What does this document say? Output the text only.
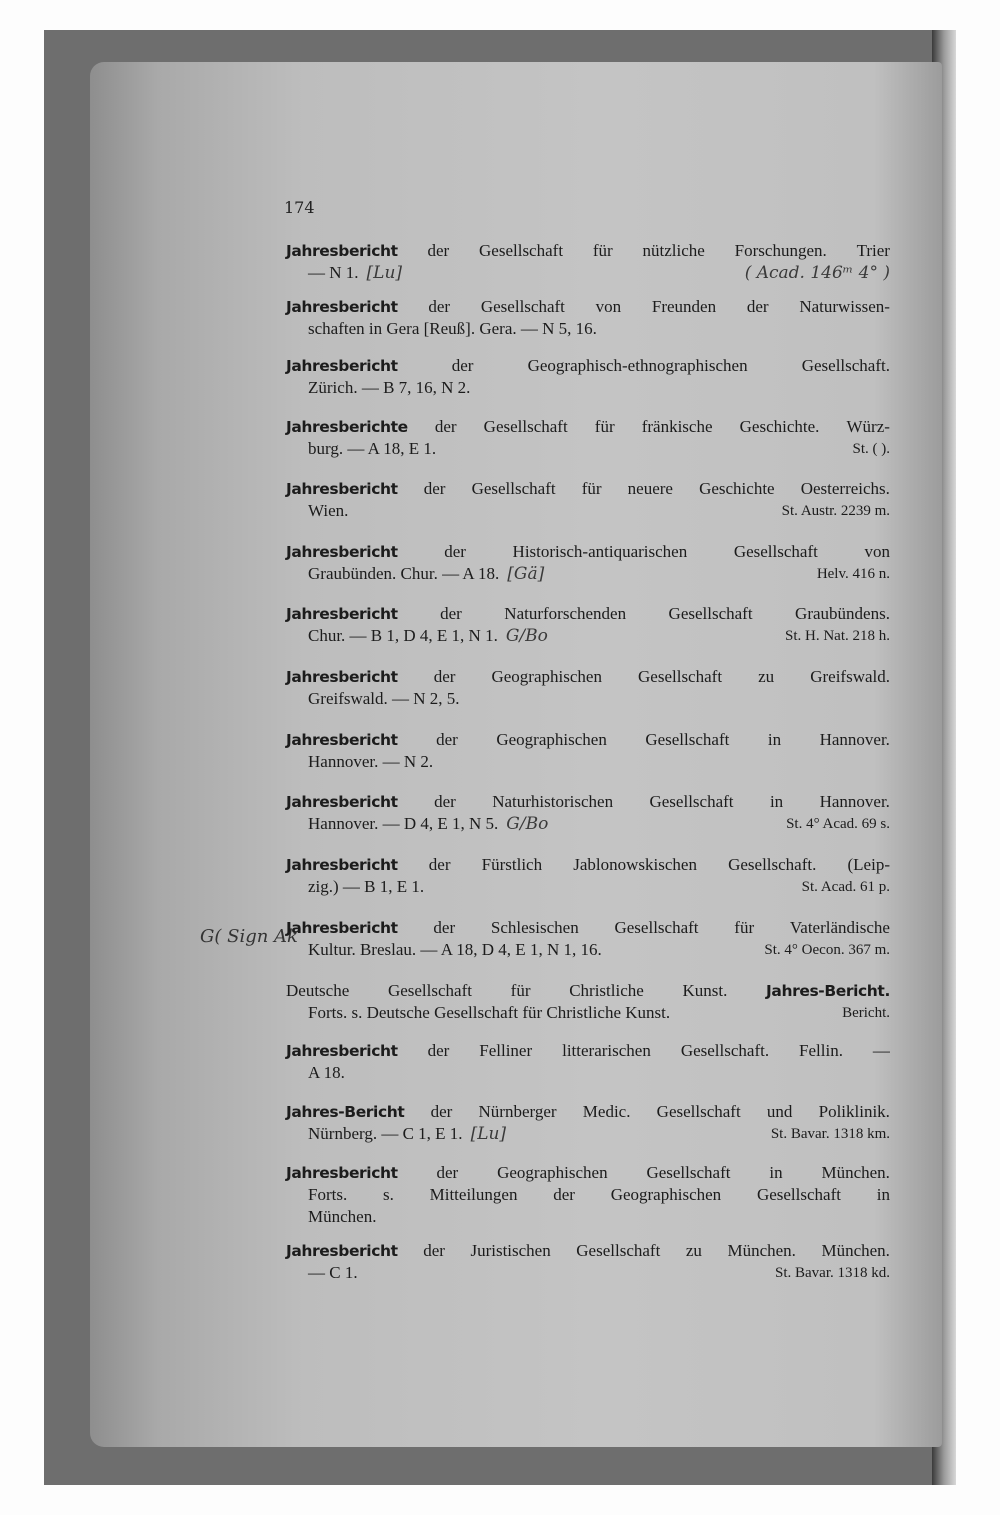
174
G( Sign Ak
Jahresbericht der Gesellschaft für nützliche Forschungen. Trier
— N 1. [Lu]	( Acad. 146ᵐ 4° )
Jahresbericht der Gesellschaft von Freunden der Naturwissen-
schaften in Gera [Reuß]. Gera. — N 5, 16.
Jahresbericht	der	Geographisch-ethnographischen	Gesellschaft.
Zürich. — B 7, 16, N 2.
Jahresberichte der Gesellschaft für fränkische Geschichte. Würz-
burg. — A 18, E 1.	St. ( ).
Jahresbericht der Gesellschaft für neuere Geschichte Oesterreichs.
Wien.	St. Austr. 2239 m.
Jahresbericht	der	Historisch-antiquarischen	Gesellschaft	von
Graubünden. Chur. — A 18. [Gä]	Helv. 416 n.
Jahresbericht der Naturforschenden Gesellschaft Graubündens.
Chur. — B 1, D 4, E 1, N 1. G/Bo	St. H. Nat. 218 h.
Jahresbericht der Geographischen Gesellschaft zu Greifswald.
Greifswald. — N 2, 5.
Jahresbericht der Geographischen Gesellschaft in Hannover.
Hannover. — N 2.
Jahresbericht der Naturhistorischen Gesellschaft in Hannover.
Hannover. — D 4, E 1, N 5. G/Bo	St. 4° Acad. 69 s.
Jahresbericht der Fürstlich Jablonowskischen Gesellschaft. (Leip-
zig.) — B 1, E 1.	St. Acad. 61 p.
Jahresbericht der Schlesischen Gesellschaft für Vaterländische
Kultur. Breslau. — A 18, D 4, E 1, N 1, 16.	St. 4° Oecon. 367 m.
Deutsche Gesellschaft für Christliche Kunst. Jahres-Bericht.
Forts. s. Deutsche Gesellschaft für Christliche Kunst.	Bericht.
Jahresbericht der Felliner litterarischen Gesellschaft. Fellin. —
A 18.
Jahres-Bericht der Nürnberger Medic. Gesellschaft und Poliklinik.
Nürnberg. — C 1, E 1. [Lu]	St. Bavar. 1318 km.
Jahresbericht der Geographischen Gesellschaft in München.
Forts. s. Mitteilungen der Geographischen Gesellschaft in
München.
Jahresbericht der Juristischen Gesellschaft zu München. München.
— C 1.	St. Bavar. 1318 kd.
